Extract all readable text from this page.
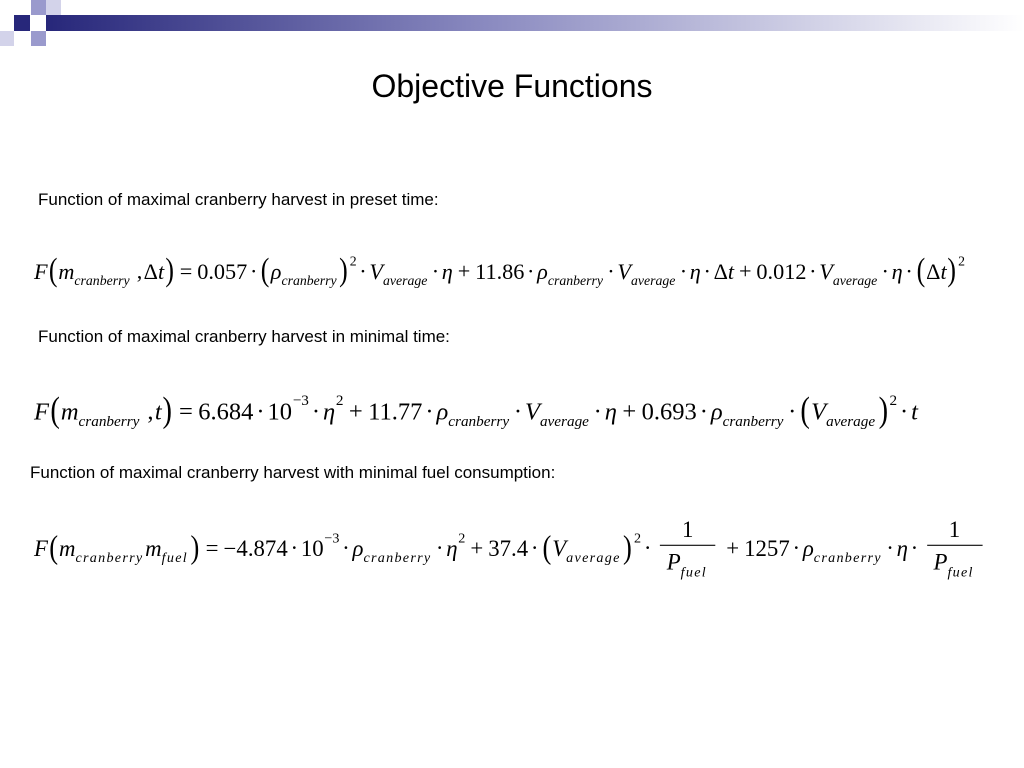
Objective Functions
Function of maximal cranberry harvest in preset time:
$F(m_{cranberry}$ $,\Delta t) = 0.057 \cdot (\rho_{cranberry}) ^2 \cdot V_{average} \cdot \eta + 11.86 \cdot \rho_{cranberry} \cdot V_{average} \cdot \eta \cdot \Delta t + 0.012 \cdot V_{average} \cdot \eta \cdot (\Delta t)$ $^2$
Function of maximal cranberry harvest in minimal time:
$F(m_{cranberry}$ $,t) = 6.684 \cdot 10^{-3} \cdot \eta^2 + 11.77 \cdot \rho_{cranberry} \cdot V_{average} \cdot \eta + 0.693 \cdot \rho_{cranberry} \cdot (V_{average}) ^2 \cdot t$
Function of maximal cranberry harvest with minimal fuel consumption:
$F(m_{cranberry}m_{fuel}) = -4.874 \cdot 10^{-3} \cdot \rho_{cranberry} \cdot \eta^2 + 37.4 \cdot (V_{average}) ^2 \cdot \frac{1}{P_{fuel}} + 1257 \cdot \rho_{cranberry} \cdot \eta \cdot \frac{1}{P_{fuel}}$
